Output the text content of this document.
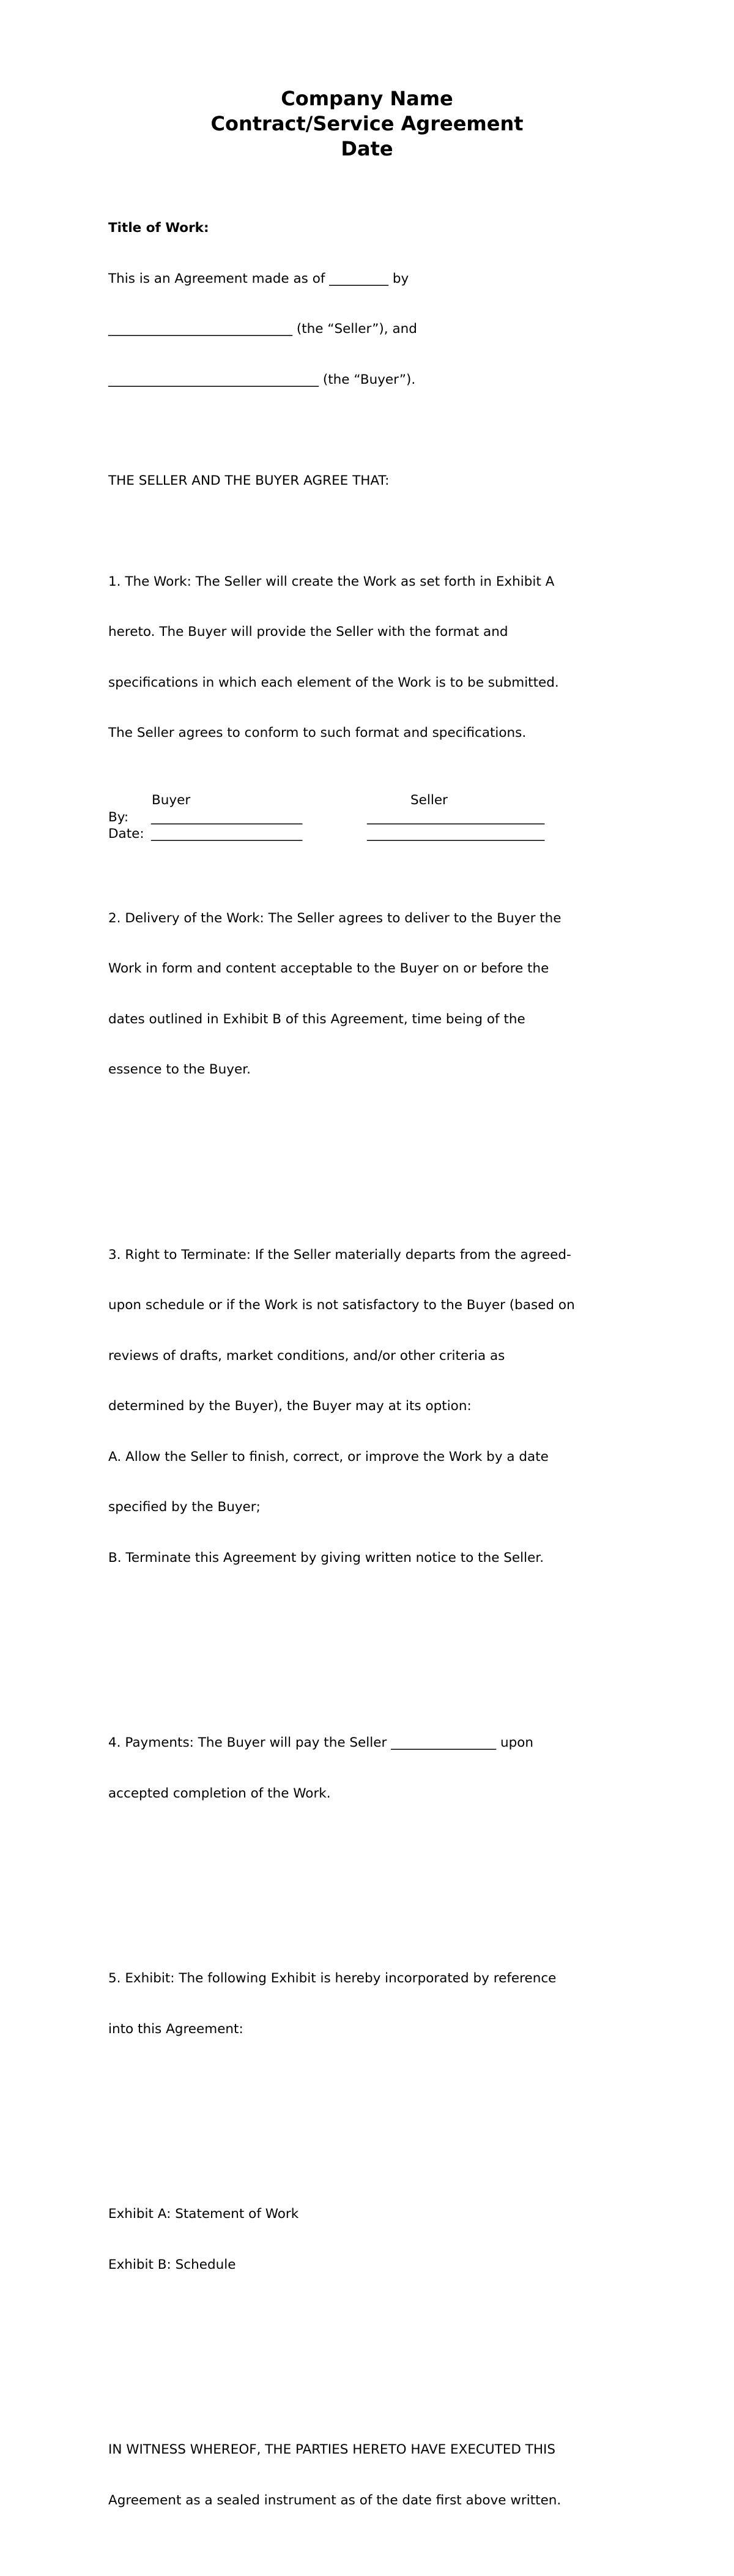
Company Name
Contract/Service Agreement
Date

Title of Work:

This is an Agreement made as of _________ by

____________________________ (the “Seller”), and

________________________________ (the “Buyer”).

THE SELLER AND THE BUYER AGREE THAT:

1. The Work: The Seller will create the Work as set forth in Exhibit A

hereto. The Buyer will provide the Seller with the format and

specifications in which each element of the Work is to be submitted.

The Seller agrees to conform to such format and specifications.

2. Delivery of the Work: The Seller agrees to deliver to the Buyer the

Work in form and content acceptable to the Buyer on or before the

dates outlined in Exhibit B of this Agreement, time being of the

essence to the Buyer.

3. Right to Terminate: If the Seller materially departs from the agreed-

upon schedule or if the Work is not satisfactory to the Buyer (based on

reviews of drafts, market conditions, and/or other criteria as

determined by the Buyer), the Buyer may at its option:

A. Allow the Seller to finish, correct, or improve the Work by a date

specified by the Buyer;

B. Terminate this Agreement by giving written notice to the Seller.

4. Payments: The Buyer will pay the Seller ________________ upon

accepted completion of the Work.

5. Exhibit: The following Exhibit is hereby incorporated by reference

into this Agreement:

Exhibit A: Statement of Work

Exhibit B: Schedule

IN WITNESS WHEREOF, THE PARTIES HERETO HAVE EXECUTED THIS

Agreement as a sealed instrument as of the date first above written.

Buyer	Seller
By: _______________________	___________________________
Date: _______________________	___________________________
